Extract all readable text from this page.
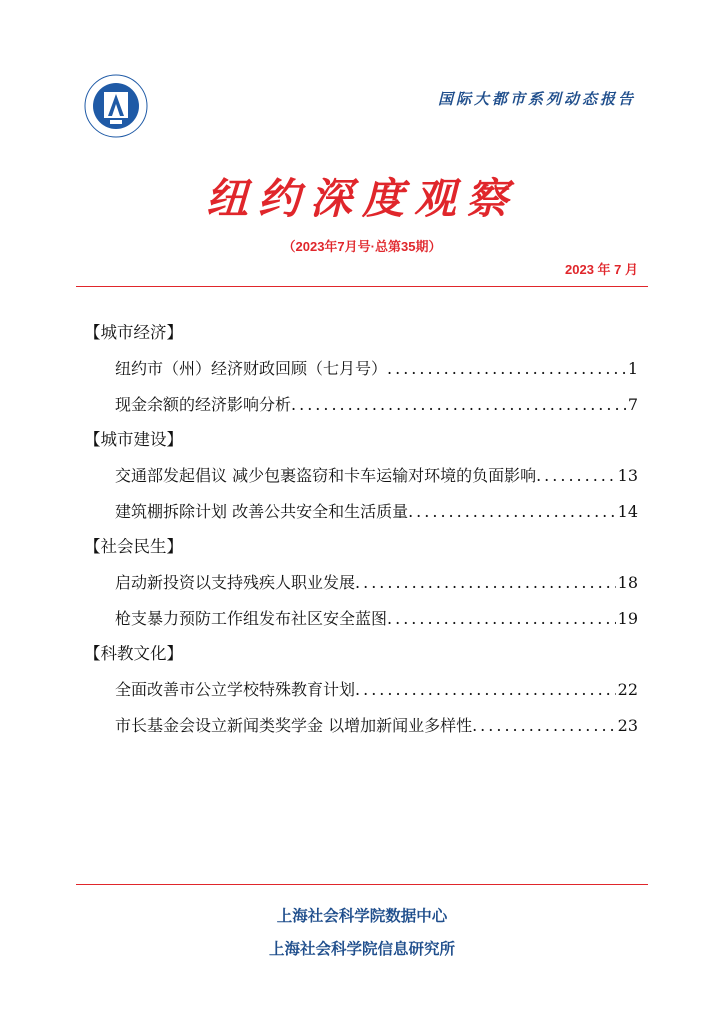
国际大都市系列动态报告
纽约深度观察
（2023年7月号·总第35期）
2023 年 7 月
【城市经济】
纽约市（州）经济财政回顾（七月号） .....	1
现金余额的经济影响分析 .....	7
【城市建设】
交通部发起倡议 减少包裹盗窃和卡车运输对环境的负面影响 .....	13
建筑棚拆除计划 改善公共安全和生活质量 .....	14
【社会民生】
启动新投资以支持残疾人职业发展 .....	18
枪支暴力预防工作组发布社区安全蓝图 .....	19
【科教文化】
全面改善市公立学校特殊教育计划 .....	22
市长基金会设立新闻类奖学金 以增加新闻业多样性 .....	23
上海社会科学院数据中心
上海社会科学院信息研究所
